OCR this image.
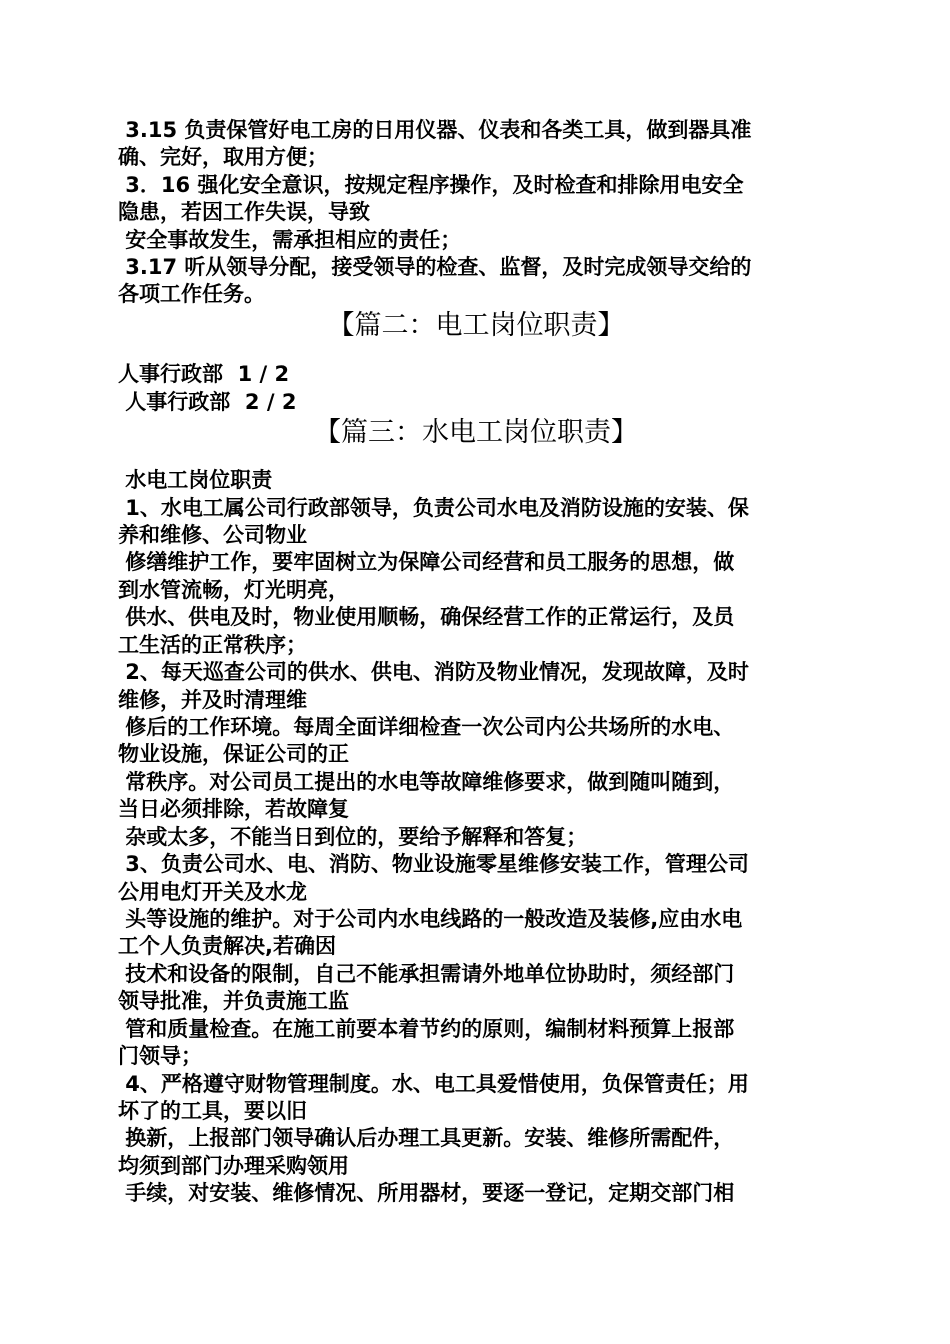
3.15 负责保管好电工房的日用仪器、仪表和各类工具，做到器具准
确、完好，取用方便；
3．16 强化安全意识，按规定程序操作，及时检查和排除用电安全
隐患，若因工作失误，导致
安全事故发生，需承担相应的责任；
3.17 听从领导分配，接受领导的检查、监督，及时完成领导交给的
各项工作任务。
【篇二：电工岗位职责】
人事行政部  1 / 2
人事行政部  2 / 2
【篇三：水电工岗位职责】
水电工岗位职责
1、水电工属公司行政部领导，负责公司水电及消防设施的安装、保
养和维修、公司物业
修缮维护工作，要牢固树立为保障公司经营和员工服务的思想，做
到水管流畅，灯光明亮，
供水、供电及时，物业使用顺畅，确保经营工作的正常运行，及员
工生活的正常秩序；
2、每天巡查公司的供水、供电、消防及物业情况，发现故障，及时
维修，并及时清理维
修后的工作环境。每周全面详细检查一次公司内公共场所的水电、
物业设施，保证公司的正
常秩序。对公司员工提出的水电等故障维修要求，做到随叫随到，
当日必须排除，若故障复
杂或太多，不能当日到位的，要给予解释和答复；
3、负责公司水、电、消防、物业设施零星维修安装工作，管理公司
公用电灯开关及水龙
头等设施的维护。对于公司内水电线路的一般改造及装修,应由水电
工个人负责解决,若确因
技术和设备的限制，自己不能承担需请外地单位协助时，须经部门
领导批准，并负责施工监
管和质量检查。在施工前要本着节约的原则，编制材料预算上报部
门领导；
4、严格遵守财物管理制度。水、电工具爱惜使用，负保管责任；用
坏了的工具，要以旧
换新，上报部门领导确认后办理工具更新。安装、维修所需配件，
均须到部门办理采购领用
手续，对安装、维修情况、所用器材，要逐一登记，定期交部门相
